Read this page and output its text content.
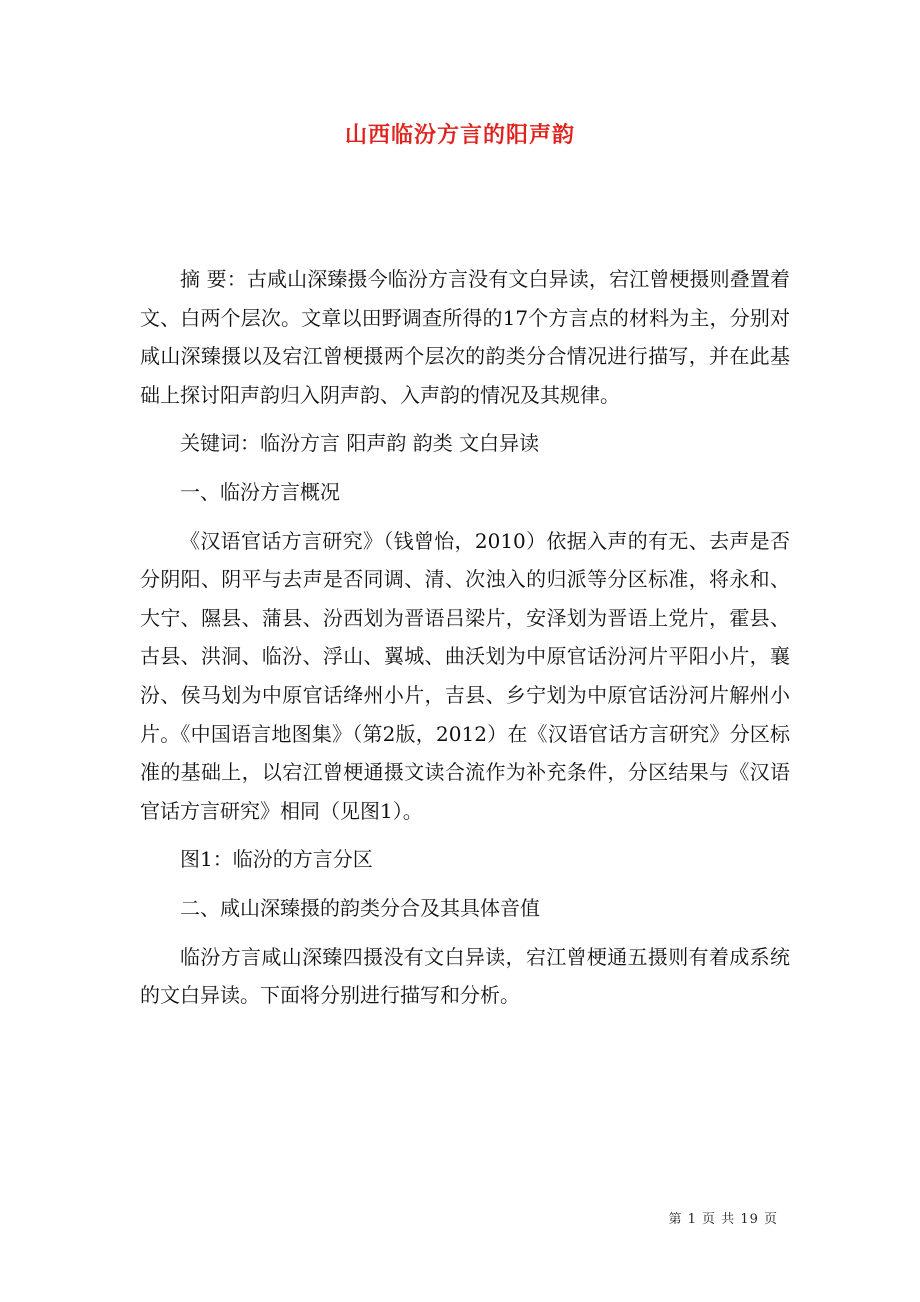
山西临汾方言的阳声韵

摘 要：古咸山深臻摄今临汾方言没有文白异读，宕江曾梗摄则叠置着文、白两个层次。文章以田野调查所得的17个方言点的材料为主，分别对咸山深臻摄以及宕江曾梗摄两个层次的韵类分合情况进行描写，并在此基础上探讨阳声韵归入阴声韵、入声韵的情况及其规律。

关键词：临汾方言 阳声韵 韵类 文白异读

一、临汾方言概况

《汉语官话方言研究》（钱曾怡，2010）依据入声的有无、去声是否分阴阳、阴平与去声是否同调、清、次浊入的归派等分区标准，将永和、大宁、隰县、蒲县、汾西划为晋语吕梁片，安泽划为晋语上党片，霍县、古县、洪洞、临汾、浮山、翼城、曲沃划为中原官话汾河片平阳小片，襄汾、侯马划为中原官话绛州小片，吉县、乡宁划为中原官话汾河片解州小片。《中国语言地图集》（第2版，2012）在《汉语官话方言研究》分区标准的基础上，以宕江曾梗通摄文读合流作为补充条件，分区结果与《汉语官话方言研究》相同（见图1）。

图1：临汾的方言分区

二、咸山深臻摄的韵类分合及其具体音值

临汾方言咸山深臻四摄没有文白异读，宕江曾梗通五摄则有着成系统的文白异读。下面将分别进行描写和分析。

第 1 页 共 19 页
